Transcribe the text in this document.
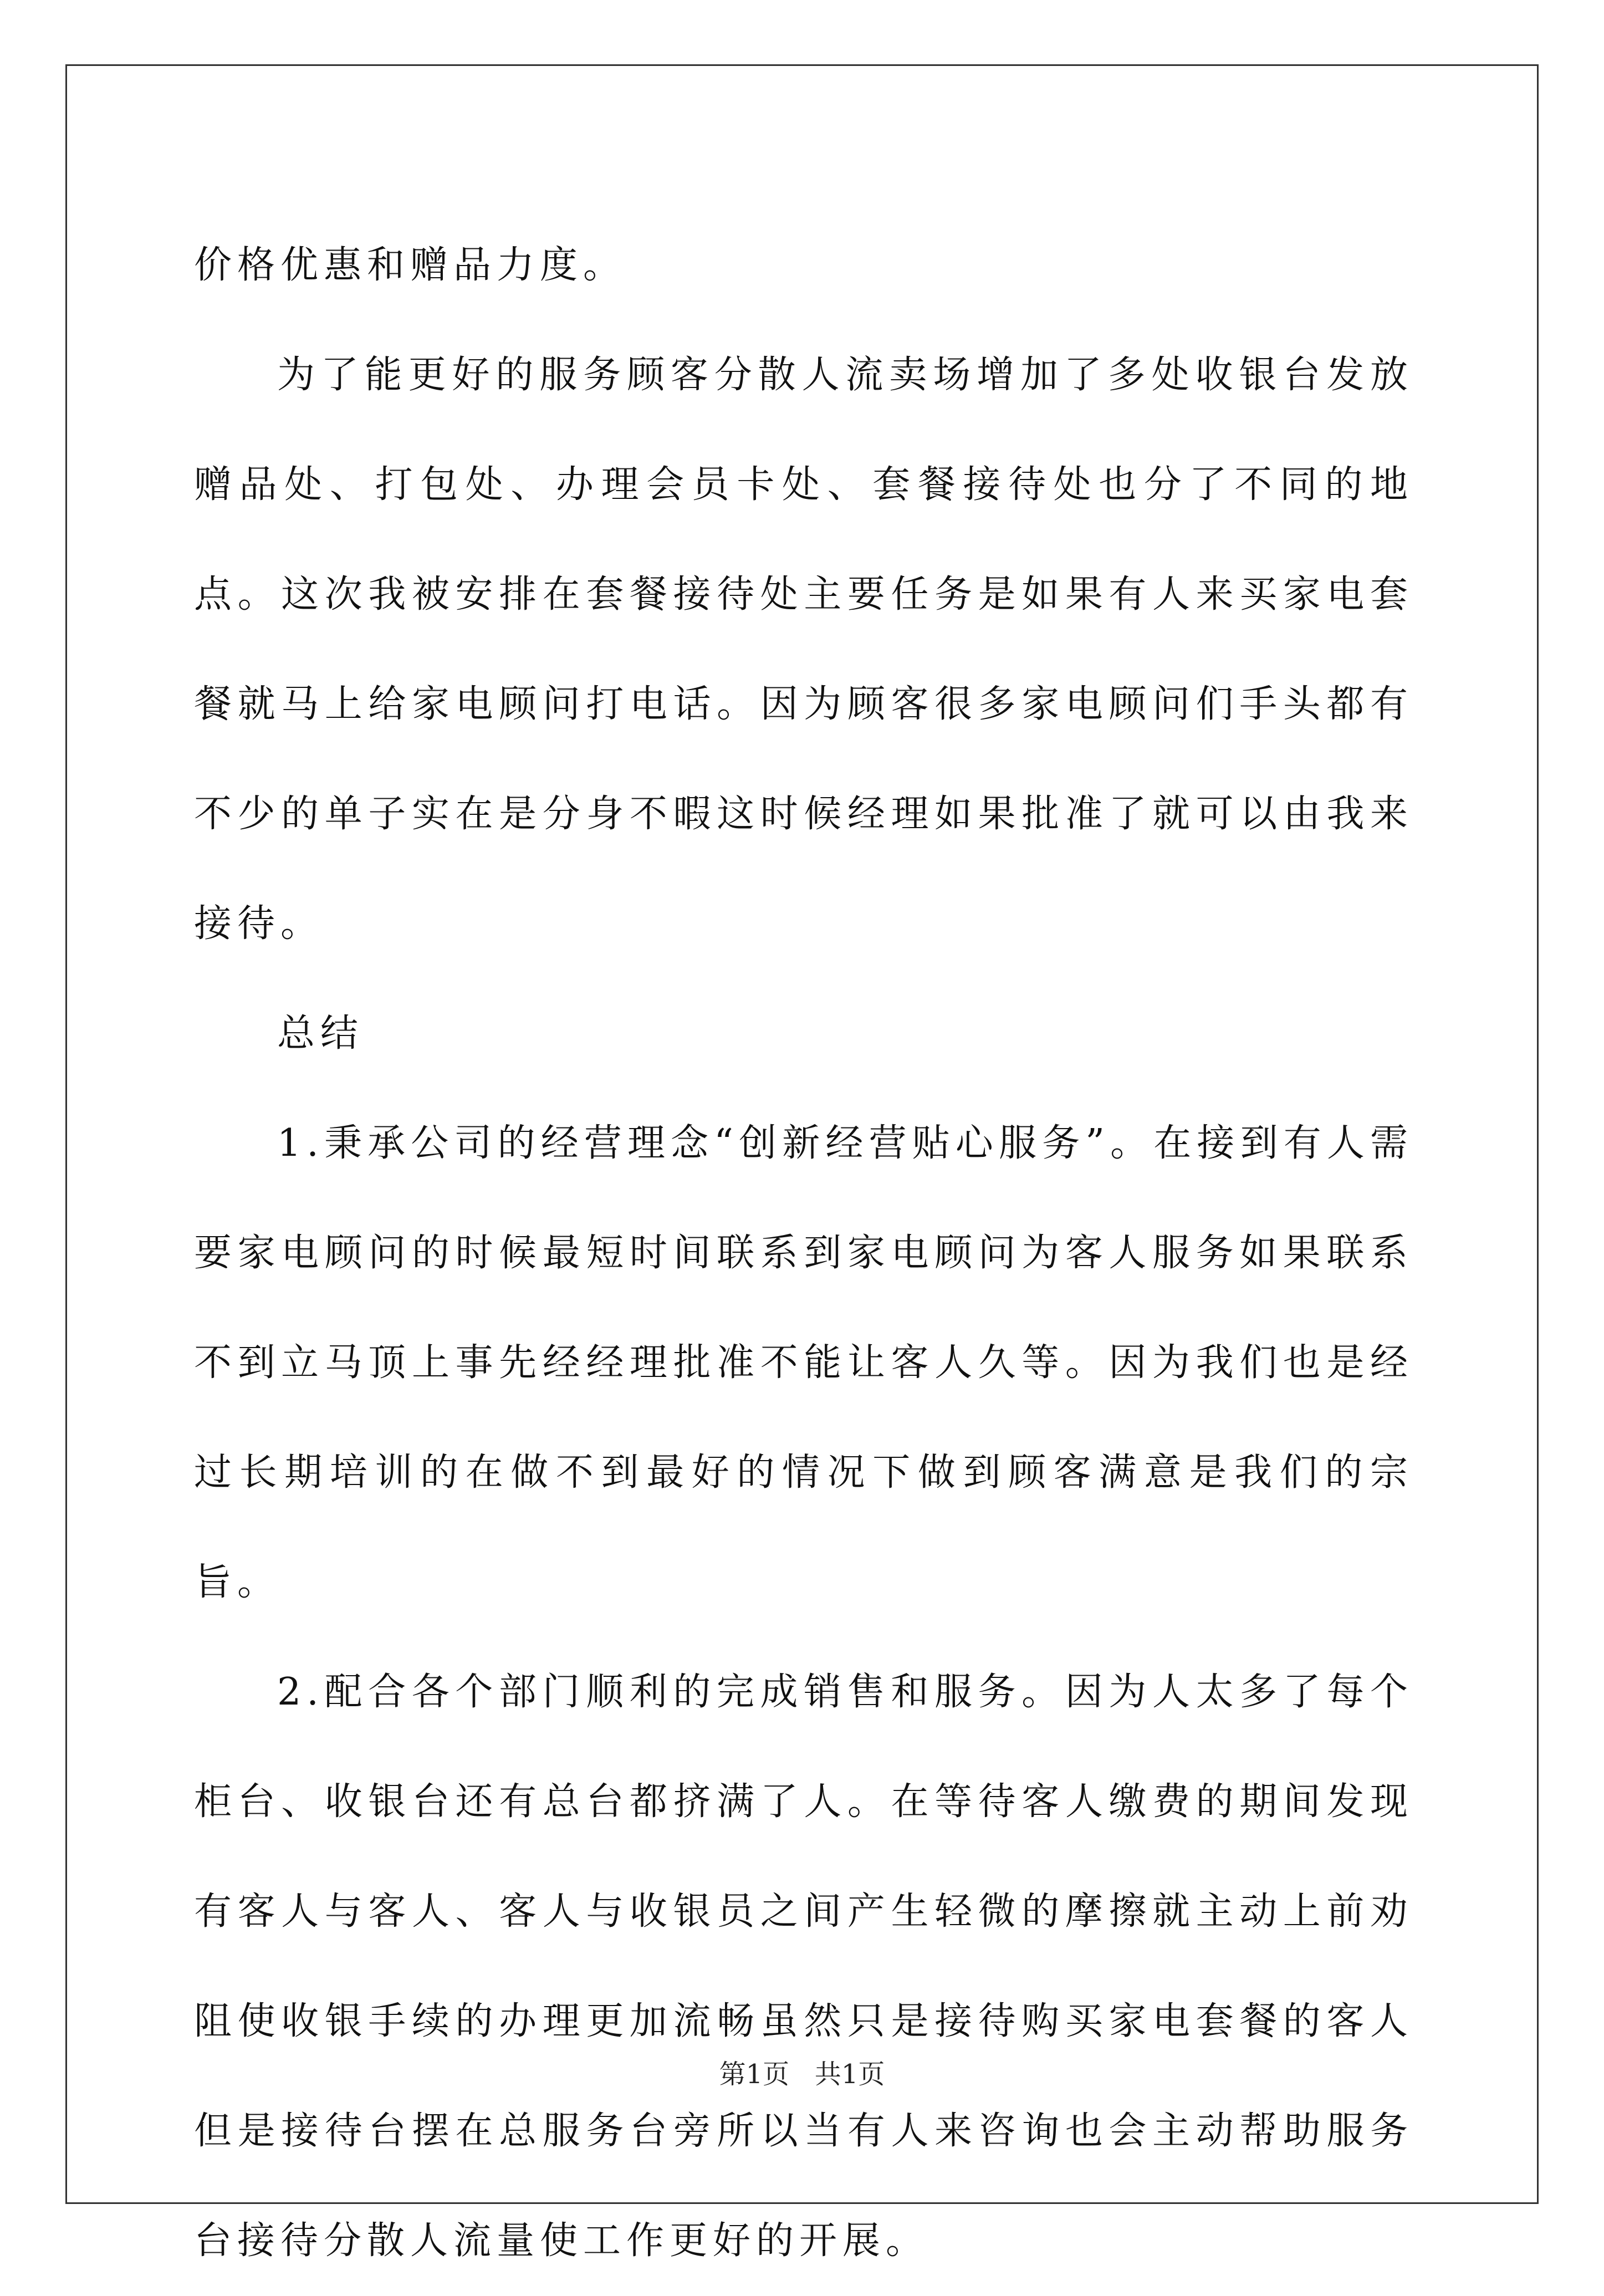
价格优惠和赠品力度。

为了能更好的服务顾客分散人流卖场增加了多处收银台发放赠品处、打包处、办理会员卡处、套餐接待处也分了不同的地点。这次我被安排在套餐接待处主要任务是如果有人来买家电套餐就马上给家电顾问打电话。因为顾客很多家电顾问们手头都有不少的单子实在是分身不暇这时候经理如果批准了就可以由我来接待。

总结

1.秉承公司的经营理念“创新经营贴心服务”。在接到有人需要家电顾问的时候最短时间联系到家电顾问为客人服务如果联系不到立马顶上事先经经理批准不能让客人久等。因为我们也是经过长期培训的在做不到最好的情况下做到顾客满意是我们的宗旨。

2.配合各个部门顺利的完成销售和服务。因为人太多了每个柜台、收银台还有总台都挤满了人。在等待客人缴费的期间发现有客人与客人、客人与收银员之间产生轻微的摩擦就主动上前劝阻使收银手续的办理更加流畅虽然只是接待购买家电套餐的客人但是接待台摆在总服务台旁所以当有人来咨询也会主动帮助服务台接待分散人流量使工作更好的开展。

第1页 共1页
